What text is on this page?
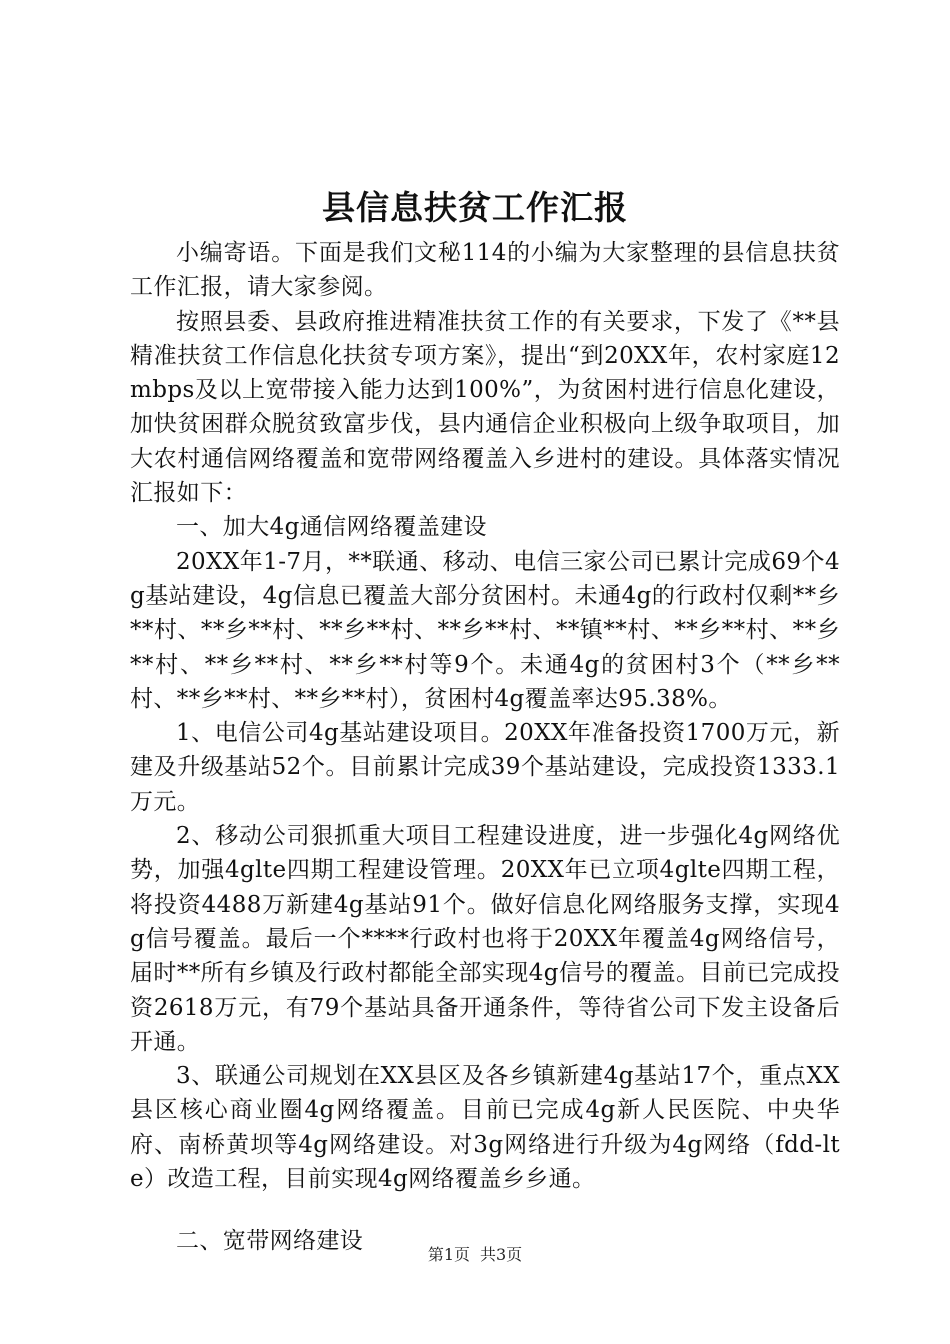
县信息扶贫工作汇报

小编寄语。下面是我们文秘114的小编为大家整理的县信息扶贫工作汇报，请大家参阅。

按照县委、县政府推进精准扶贫工作的有关要求，下发了《**县精准扶贫工作信息化扶贫专项方案》，提出“到20XX年，农村家庭12mbps及以上宽带接入能力达到100%”，为贫困村进行信息化建设，加快贫困群众脱贫致富步伐，县内通信企业积极向上级争取项目，加大农村通信网络覆盖和宽带网络覆盖入乡进村的建设。具体落实情况汇报如下：

一、加大4g通信网络覆盖建设

20XX年1-7月，**联通、移动、电信三家公司已累计完成69个4g基站建设，4g信息已覆盖大部分贫困村。未通4g的行政村仅剩**乡**村、**乡**村、**乡**村、**乡**村、**镇**村、**乡**村、**乡**村、**乡**村、**乡**村等9个。未通4g的贫困村3个（**乡**村、**乡**村、**乡**村），贫困村4g覆盖率达95.38%。

1、电信公司4g基站建设项目。20XX年准备投资1700万元，新建及升级基站52个。目前累计完成39个基站建设，完成投资1333.1万元。

2、移动公司狠抓重大项目工程建设进度，进一步强化4g网络优势，加强4glte四期工程建设管理。20XX年已立项4glte四期工程，将投资4488万新建4g基站91个。做好信息化网络服务支撑，实现4g信号覆盖。最后一个****行政村也将于20XX年覆盖4g网络信号，届时**所有乡镇及行政村都能全部实现4g信号的覆盖。目前已完成投资2618万元，有79个基站具备开通条件，等待省公司下发主设备后开通。

3、联通公司规划在XX县区及各乡镇新建4g基站17个，重点XX县区核心商业圈4g网络覆盖。目前已完成4g新人民医院、中央华府、南桥黄坝等4g网络建设。对3g网络进行升级为4g网络（fdd-lte）改造工程，目前实现4g网络覆盖乡乡通。

二、宽带网络建设

第1页 共3页
